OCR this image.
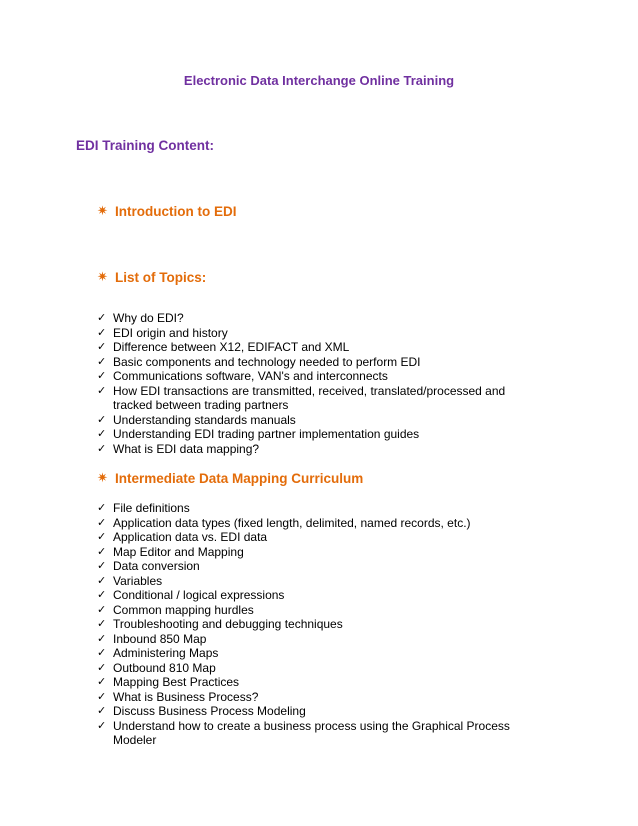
Electronic Data Interchange Online Training
EDI Training Content:
✷ Introduction to EDI
✷ List of Topics:
✓ Why do EDI?
✓ EDI origin and history
✓ Difference between X12, EDIFACT and XML
✓ Basic components and technology needed to perform EDI
✓ Communications software, VAN's and interconnects
✓ How EDI transactions are transmitted, received, translated/processed and tracked between trading partners
✓ Understanding standards manuals
✓ Understanding EDI trading partner implementation guides
✓ What is EDI data mapping?
✷ Intermediate Data Mapping Curriculum
✓ File definitions
✓ Application data types (fixed length, delimited, named records, etc.)
✓ Application data vs. EDI data
✓ Map Editor and Mapping
✓ Data conversion
✓ Variables
✓ Conditional / logical expressions
✓ Common mapping hurdles
✓ Troubleshooting and debugging techniques
✓ Inbound 850 Map
✓ Administering Maps
✓ Outbound 810 Map
✓ Mapping Best Practices
✓ What is Business Process?
✓ Discuss Business Process Modeling
✓ Understand how to create a business process using the Graphical Process Modeler
